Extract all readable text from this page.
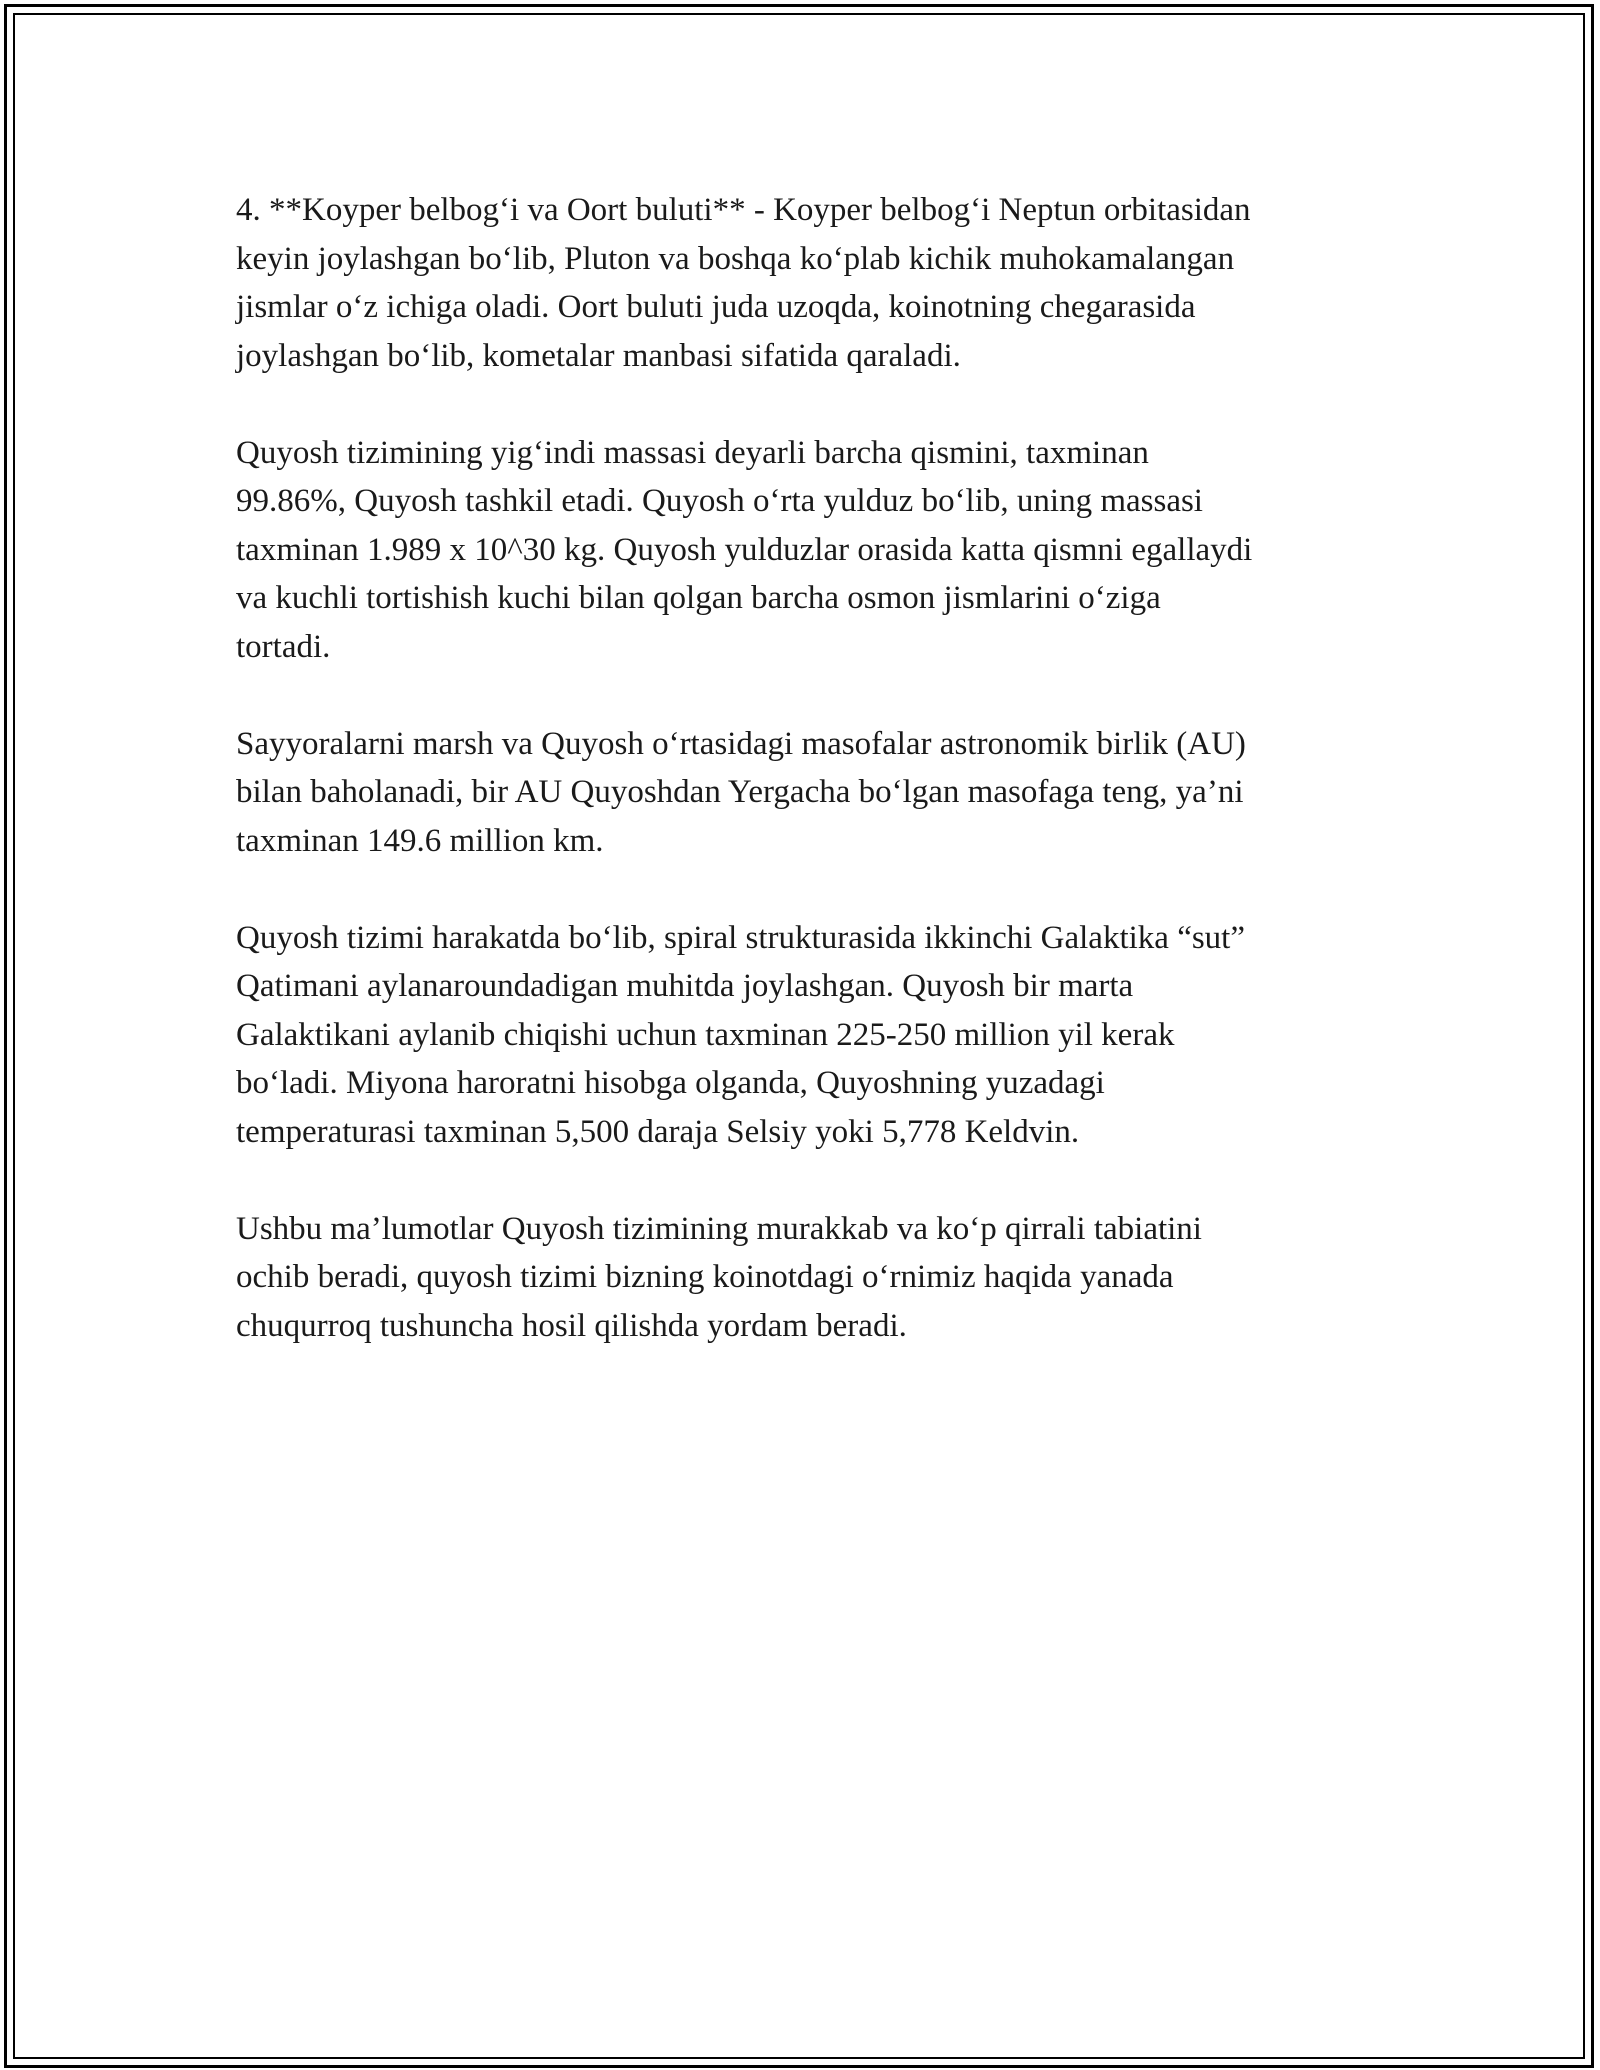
4. **Koyper belbog‘i va Oort buluti** - Koyper belbog‘i Neptun orbitasidan
keyin joylashgan bo‘lib, Pluton va boshqa ko‘plab kichik muhokamalangan
jismlar o‘z ichiga oladi. Oort buluti juda uzoqda, koinotning chegarasida
joylashgan bo‘lib, kometalar manbasi sifatida qaraladi.
Quyosh tizimining yig‘indi massasi deyarli barcha qismini, taxminan
99.86%, Quyosh tashkil etadi. Quyosh o‘rta yulduz bo‘lib, uning massasi
taxminan 1.989 x 10^30 kg. Quyosh yulduzlar orasida katta qismni egallaydi
va kuchli tortishish kuchi bilan qolgan barcha osmon jismlarini o‘ziga
tortadi.
Sayyoralarni marsh va Quyosh o‘rtasidagi masofalar astronomik birlik (AU)
bilan baholanadi, bir AU Quyoshdan Yergacha bo‘lgan masofaga teng, ya’ni
taxminan 149.6 million km.
Quyosh tizimi harakatda bo‘lib, spiral strukturasida ikkinchi Galaktika “sut”
Qatimani aylanaroundadigan muhitda joylashgan. Quyosh bir marta
Galaktikani aylanib chiqishi uchun taxminan 225-250 million yil kerak
bo‘ladi. Miyona haroratni hisobga olganda, Quyoshning yuzadagi
temperaturasi taxminan 5,500 daraja Selsiy yoki 5,778 Keldvin.
Ushbu ma’lumotlar Quyosh tizimining murakkab va ko‘p qirrali tabiatini
ochib beradi, quyosh tizimi bizning koinotdagi o‘rnimiz haqida yanada
chuqurroq tushuncha hosil qilishda yordam beradi.
